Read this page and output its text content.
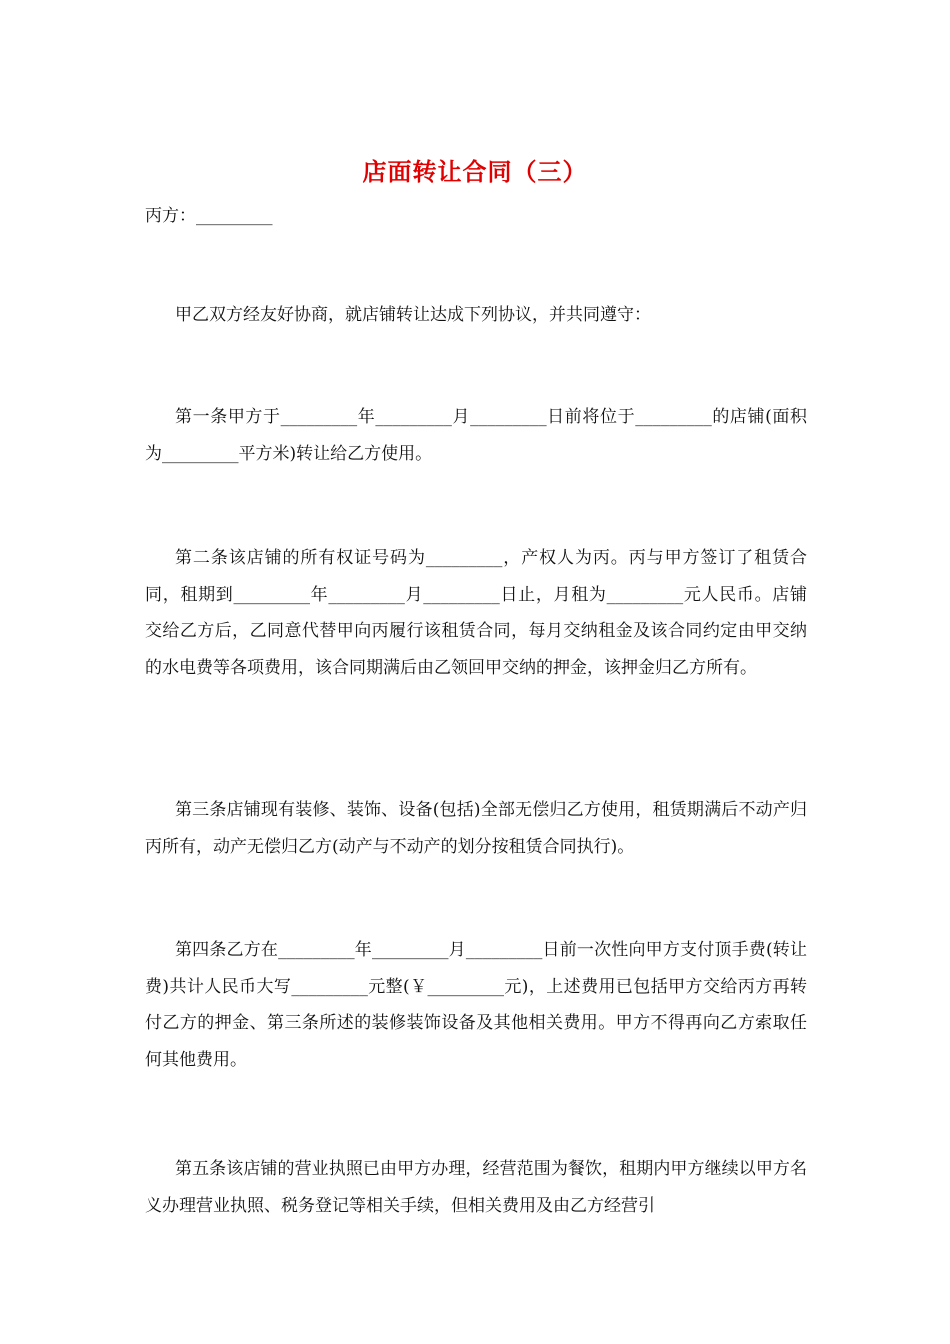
店面转让合同（三）

丙方：_________

甲乙双方经友好协商，就店铺转让达成下列协议，并共同遵守：

第一条甲方于_________年_________月_________日前将位于_________的店铺(面积为_________平方米)转让给乙方使用。

第二条该店铺的所有权证号码为_________，产权人为丙。丙与甲方签订了租赁合同，租期到_________年_________月_________日止，月租为_________元人民币。店铺交给乙方后，乙同意代替甲向丙履行该租赁合同，每月交纳租金及该合同约定由甲交纳的水电费等各项费用，该合同期满后由乙领回甲交纳的押金，该押金归乙方所有。

第三条店铺现有装修、装饰、设备(包括)全部无偿归乙方使用，租赁期满后不动产归丙所有，动产无偿归乙方(动产与不动产的划分按租赁合同执行)。

第四条乙方在_________年_________月_________日前一次性向甲方支付顶手费(转让费)共计人民币大写_________元整(￥_________元)，上述费用已包括甲方交给丙方再转付乙方的押金、第三条所述的装修装饰设备及其他相关费用。甲方不得再向乙方索取任何其他费用。

第五条该店铺的营业执照已由甲方办理，经营范围为餐饮，租期内甲方继续以甲方名义办理营业执照、税务登记等相关手续，但相关费用及由乙方经营引
